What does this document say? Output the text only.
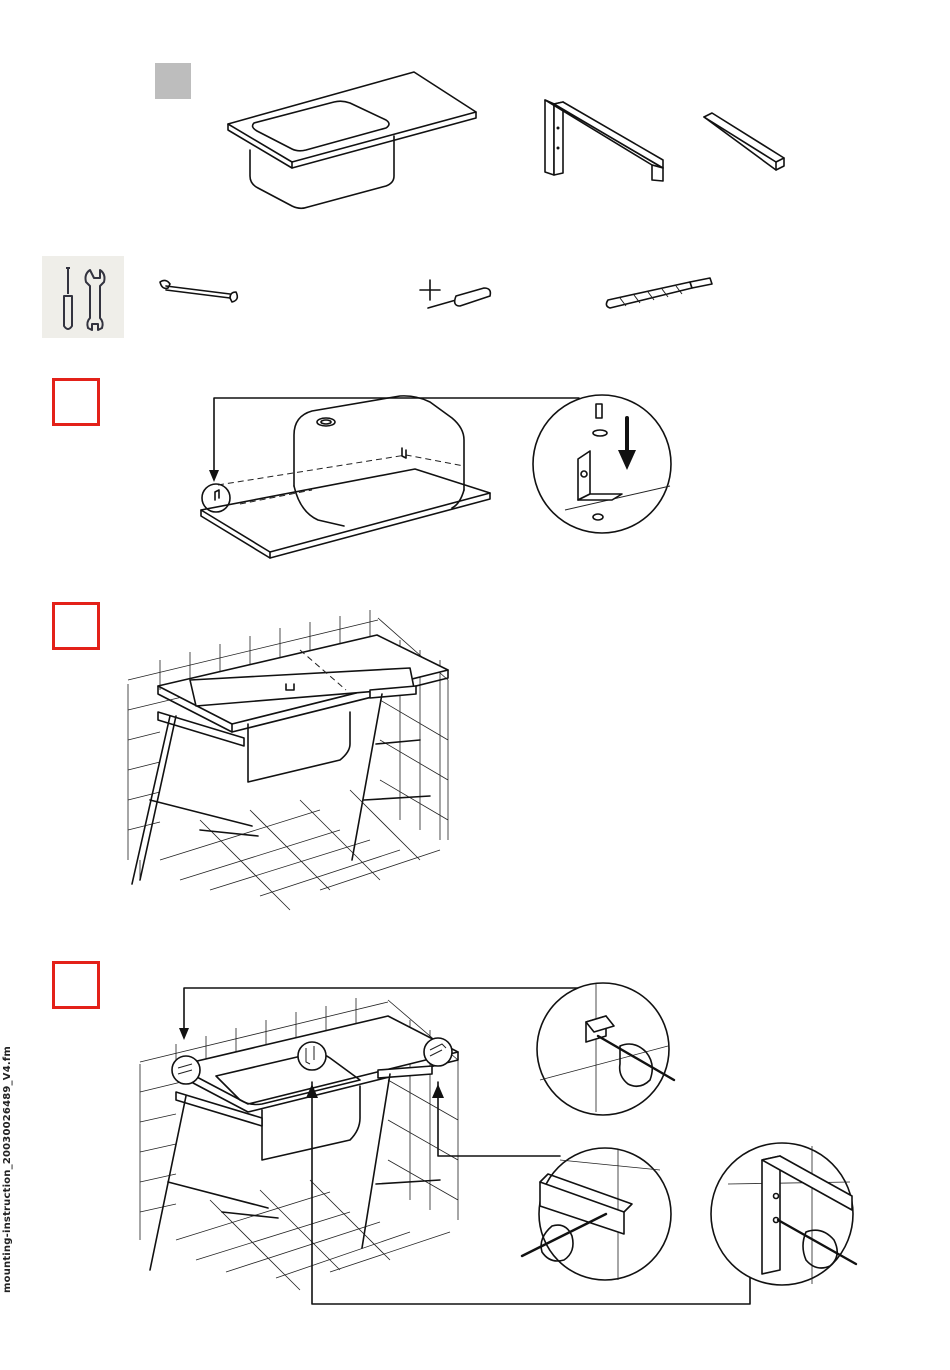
mounting-instruction_20030026489_V4.fm
